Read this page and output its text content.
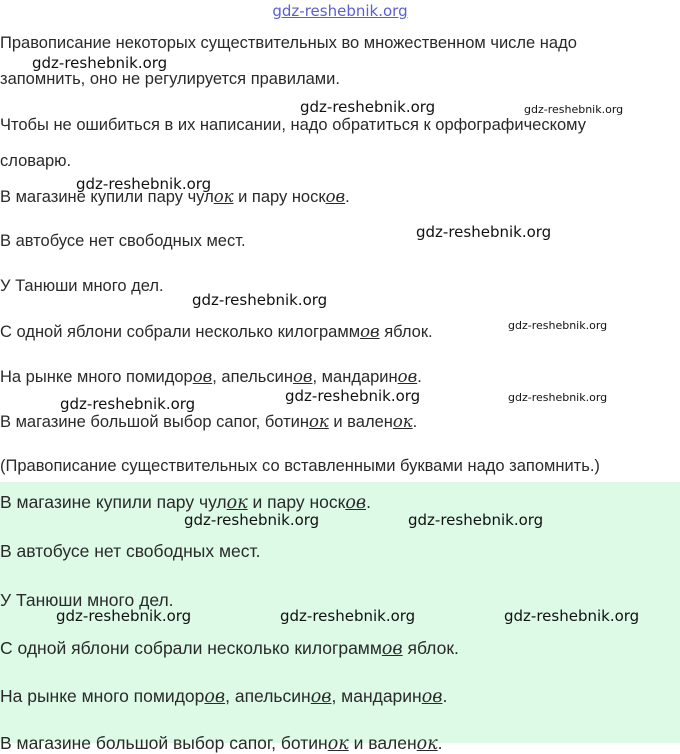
gdz-reshebnik.org
Правописание некоторых существительных во множественном числе надо
запомнить, оно не регулируется правилами.
Чтобы не ошибиться в их написании, надо обратиться к орфографическому
словарю.
В магазине купили пару чулок и пару носков.
В автобусе нет свободных мест.
У Танюши много дел.
С одной яблони собрали несколько килограммов яблок.
На рынке много помидоров, апельсинов, мандаринов.
В магазине большой выбор сапог, ботинок и валенок.
(Правописание существительных со вставленными буквами надо запомнить.)
В магазине купили пару чулок и пару носков.
В автобусе нет свободных мест.
У Танюши много дел.
С одной яблони собрали несколько килограммов яблок.
На рынке много помидоров, апельсинов, мандаринов.
В магазине большой выбор сапог, ботинок и валенок.
gdz-reshebnik.org
gdz-reshebnik.org	gdz-reshebnik.org
gdz-reshebnik.org
gdz-reshebnik.org
gdz-reshebnik.org
gdz-reshebnik.org
gdz-reshebnik.org
gdz-reshebnik.org	gdz-reshebnik.org
gdz-reshebnik.org	gdz-reshebnik.org
gdz-reshebnik.org	gdz-reshebnik.org	gdz-reshebnik.org
